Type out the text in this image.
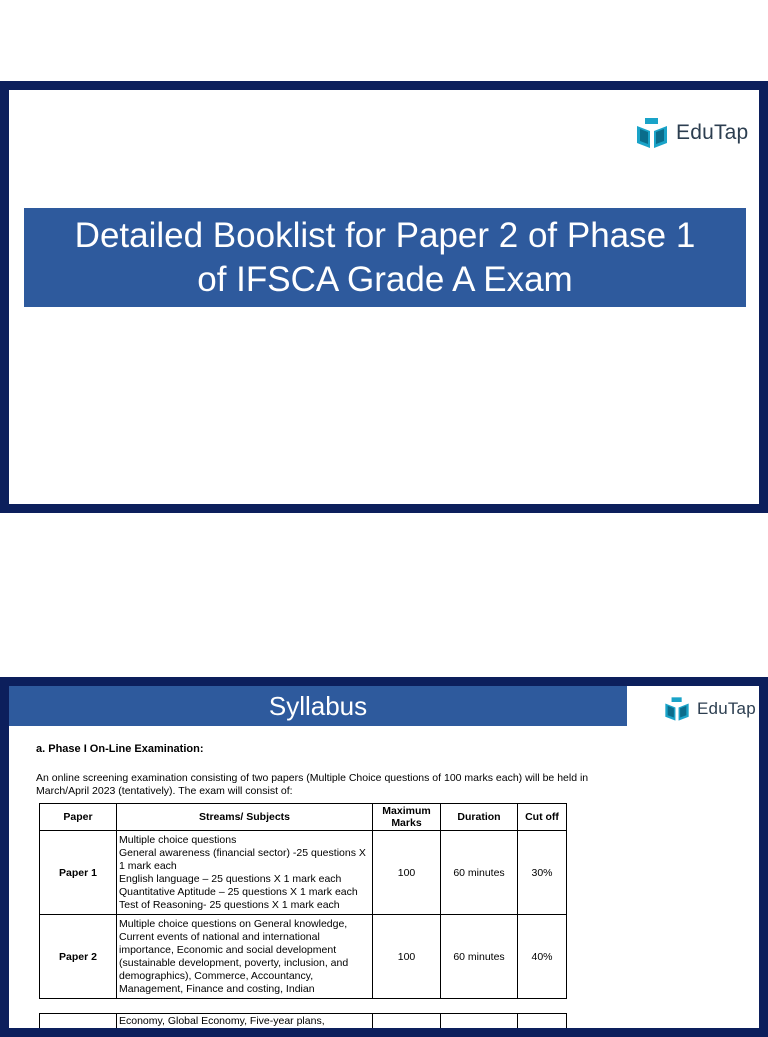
EduTap
Detailed Booklist for Paper 2 of Phase 1
of IFSCA Grade A Exam
Syllabus	EduTap
a. Phase I On-Line Examination:
An online screening examination consisting of two papers (Multiple Choice questions of 100 marks each) will be held in March/April 2023 (tentatively). The exam will consist of:
Paper	Streams/ Subjects	Maximum Marks	Duration	Cut off
Paper 1	Multiple choice questions
General awareness (financial sector) -25 questions X 1 mark each
English language – 25 questions X 1 mark each
Quantitative Aptitude – 25 questions X 1 mark each
Test of Reasoning- 25 questions X 1 mark each	100	60 minutes	30%
Paper 2	Multiple choice questions on General knowledge, Current events of national and international importance, Economic and social development (sustainable development, poverty, inclusion, and demographics), Commerce, Accountancy, Management, Finance and costing, Indian	100	60 minutes	40%
	Economy, Global Economy, Five-year plans,			
